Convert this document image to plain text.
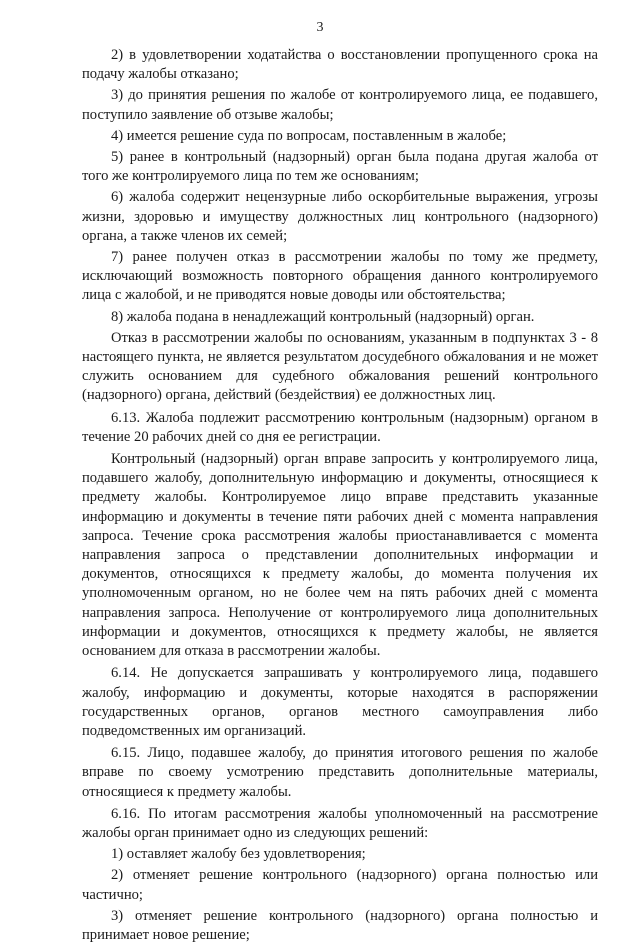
3

2) в удовлетворении ходатайства о восстановлении пропущенного срока на подачу жалобы отказано;

3) до принятия решения по жалобе от контролируемого лица, ее подавшего, поступило заявление об отзыве жалобы;

4) имеется решение суда по вопросам, поставленным в жалобе;

5) ранее в контрольный (надзорный) орган была подана другая жалоба от того же контролируемого лица по тем же основаниям;

6) жалоба содержит нецензурные либо оскорбительные выражения, угрозы жизни, здоровью и имуществу должностных лиц контрольного (надзорного) органа, а также членов их семей;

7) ранее получен отказ в рассмотрении жалобы по тому же предмету, исключающий возможность повторного обращения данного контролируемого лица с жалобой, и не приводятся новые доводы или обстоятельства;

8) жалоба подана в ненадлежащий контрольный (надзорный) орган.

Отказ в рассмотрении жалобы по основаниям, указанным в подпунктах 3 - 8 настоящего пункта, не является результатом досудебного обжалования и не может служить основанием для судебного обжалования решений контрольного (надзорного) органа, действий (бездействия) ее должностных лиц.

6.13. Жалоба подлежит рассмотрению контрольным (надзорным) органом в течение 20 рабочих дней со дня ее регистрации.

Контрольный (надзорный) орган вправе запросить у контролируемого лица, подавшего жалобу, дополнительную информацию и документы, относящиеся к предмету жалобы. Контролируемое лицо вправе представить указанные информацию и документы в течение пяти рабочих дней с момента направления запроса. Течение срока рассмотрения жалобы приостанавливается с момента направления запроса о представлении дополнительных информации и документов, относящихся к предмету жалобы, до момента получения их уполномоченным органом, но не более чем на пять рабочих дней с момента направления запроса. Неполучение от контролируемого лица дополнительных информации и документов, относящихся к предмету жалобы, не является основанием для отказа в рассмотрении жалобы.

6.14. Не допускается запрашивать у контролируемого лица, подавшего жалобу, информацию и документы, которые находятся в распоряжении государственных органов, органов местного самоуправления либо подведомственных им организаций.

6.15. Лицо, подавшее жалобу, до принятия итогового решения по жалобе вправе по своему усмотрению представить дополнительные материалы, относящиеся к предмету жалобы.

6.16. По итогам рассмотрения жалобы уполномоченный на рассмотрение жалобы орган принимает одно из следующих решений:

1) оставляет жалобу без удовлетворения;

2) отменяет решение контрольного (надзорного) органа полностью или частично;

3) отменяет решение контрольного (надзорного) органа полностью и принимает новое решение;
